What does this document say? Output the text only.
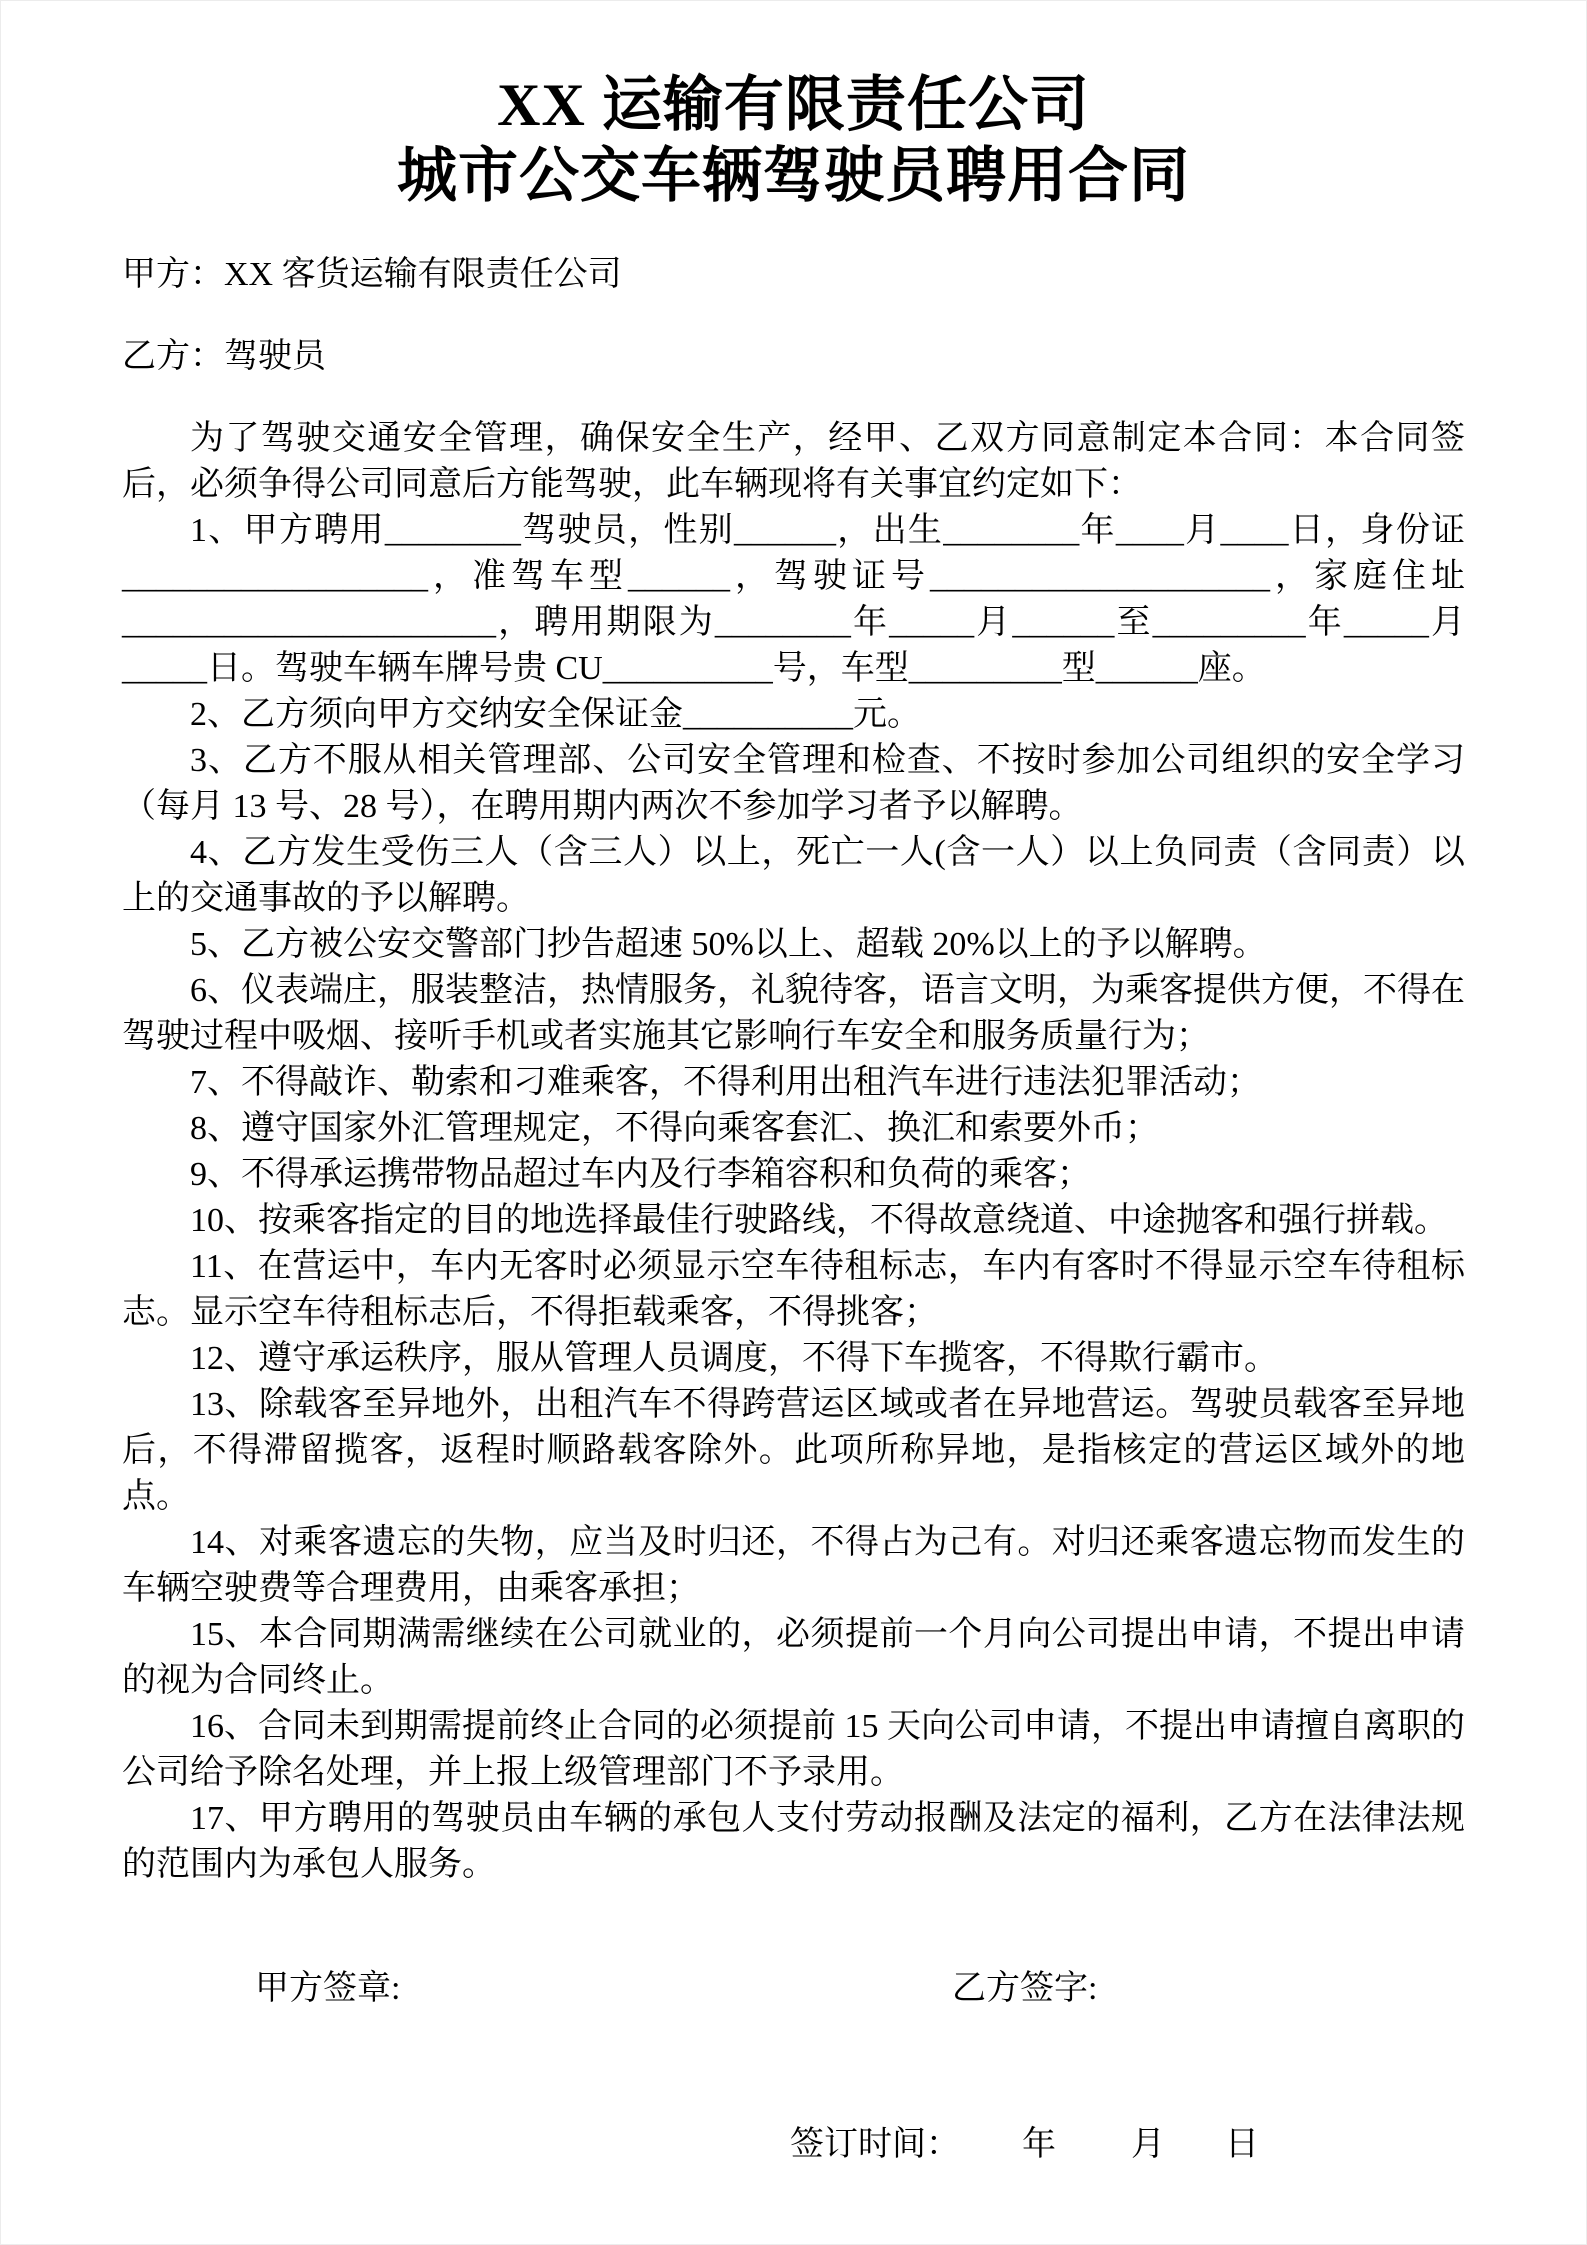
XX 运输有限责任公司
城市公交车辆驾驶员聘用合同

甲方：XX 客货运输有限责任公司

乙方：驾驶员

为了驾驶交通安全管理，确保安全生产，经甲、乙双方同意制定本合同：本合同签后，必须争得公司同意后方能驾驶，此车辆现将有关事宜约定如下：

1、甲方聘用________驾驶员，性别______，出生________年____月____日，身份证__________________，准驾车型______，驾驶证号____________________，家庭住址 ______________________，聘用期限为________年_____月______至_________年_____月_____日。驾驶车辆车牌号贵 CU__________号，车型_________型______座。

2、乙方须向甲方交纳安全保证金__________元。

3、乙方不服从相关管理部、公司安全管理和检查、不按时参加公司组织的安全学习（每月 13 号、28 号），在聘用期内两次不参加学习者予以解聘。

4、乙方发生受伤三人（含三人）以上，死亡一人(含一人）以上负同责（含同责）以上的交通事故的予以解聘。

5、乙方被公安交警部门抄告超速 50%以上、超载 20%以上的予以解聘。

6、仪表端庄，服装整洁，热情服务，礼貌待客，语言文明，为乘客提供方便，不得在驾驶过程中吸烟、接听手机或者实施其它影响行车安全和服务质量行为；

7、不得敲诈、勒索和刁难乘客，不得利用出租汽车进行违法犯罪活动；

8、遵守国家外汇管理规定，不得向乘客套汇、换汇和索要外币；

9、不得承运携带物品超过车内及行李箱容积和负荷的乘客；

10、按乘客指定的目的地选择最佳行驶路线，不得故意绕道、中途抛客和强行拼载。

11、在营运中，车内无客时必须显示空车待租标志，车内有客时不得显示空车待租标志。显示空车待租标志后，不得拒载乘客，不得挑客；

12、遵守承运秩序，服从管理人员调度，不得下车揽客，不得欺行霸市。

13、除载客至异地外，出租汽车不得跨营运区域或者在异地营运。驾驶员载客至异地后，不得滞留揽客，返程时顺路载客除外。此项所称异地，是指核定的营运区域外的地点。

14、对乘客遗忘的失物，应当及时归还，不得占为己有。对归还乘客遗忘物而发生的车辆空驶费等合理费用，由乘客承担；

15、本合同期满需继续在公司就业的，必须提前一个月向公司提出申请，不提出申请的视为合同终止。

16、合同未到期需提前终止合同的必须提前 15 天向公司申请，不提出申请擅自离职的公司给予除名处理，并上报上级管理部门不予录用。

17、甲方聘用的驾驶员由车辆的承包人支付劳动报酬及法定的福利，乙方在法律法规的范围内为承包人服务。

甲方签章:	乙方签字:
签订时间： 年 月 日
